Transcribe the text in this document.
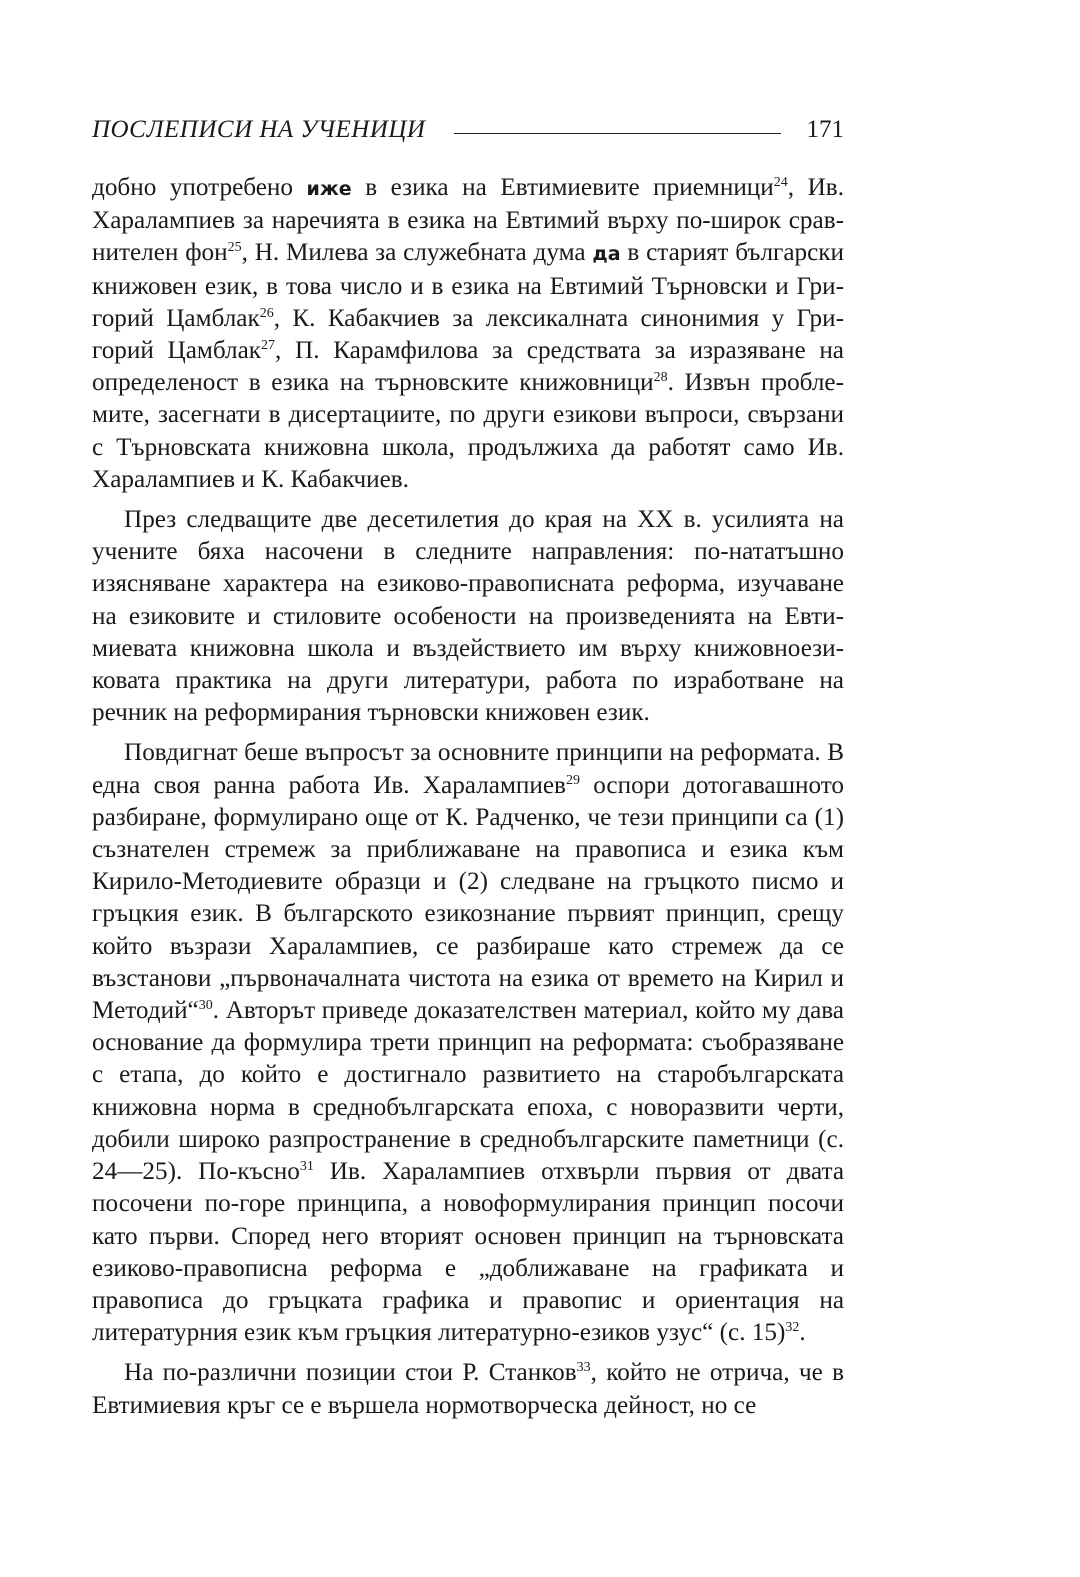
ПОСЛЕПИСИ НА УЧЕНИЦИ	171

добно употребено иже в езика на Евтимиевите приемници$^{24}$, Ив. Харалампиев за наречията в езика на Евтимий върху по-широк сравнителен фон$^{25}$, Н. Милева за служебната дума да в старият български книжовен език, в това число и в езика на Евтимий Търновски и Григорий Цамблак$^{26}$, К. Кабакчиев за лексикалната синонимия у Григорий Цамблак$^{27}$, П. Карамфилова за средствата за изразяване на определеност в езика на търновските книжовници$^{28}$. Извън проблемите, засегнати в дисертациите, по други езикови въпроси, свързани с Търновската книжовна школа, продължиха да работят само Ив. Харалампиев и К. Кабакчиев.

През следващите две десетилетия до края на XX в. усилията на учените бяха насочени в следните направления: по-нататъшно изясняване характера на езиково-правописната реформа, изучаване на езиковите и стиловите особености на произведенията на Евтимиевата книжовна школа и въздействието им върху книжовноезиковата практика на други литератури, работа по изработване на речник на реформирания търновски книжовен език.

Повдигнат беше въпросът за основните принципи на реформата. В една своя ранна работа Ив. Харалампиев$^{29}$ оспори дотогавашното разбиране, формулирано още от К. Радченко, че тези принципи са (1) съзнателен стремеж за приближаване на правописа и езика към Кирило-Методиевите образци и (2) следване на гръцкото писмо и гръцкия език. В българското езикознание първият принцип, срещу който възрази Харалампиев, се разбираше като стремеж да се възстанови „първоначалната чистота на езика от времето на Кирил и Методий“$^{30}$. Авторът приведе доказателствен материал, който му дава основание да формулира трети принцип на реформата: съобразяване с етапа, до който е достигнало развитието на старобългарската книжовна норма в среднобългарската епоха, с новоразвити черти, добили широко разпространение в среднобългарските паметници (с. 24—25). По-късно$^{31}$ Ив. Харалампиев отхвърли първия от двата посочени по-горе принципа, а новоформулирания принцип посочи като първи. Според него вторият основен принцип на търновската езиково-правописна реформа е „доближаване на графиката и правописа до гръцката графика и правопис и ориентация на литературния език към гръцкия литературно-езиков узус“ (с. 15)$^{32}$.

На по-различни позиции стои Р. Станков$^{33}$, който не отрича, че в Евтимиевия кръг се е вършела нормотворческа дейност, но се
